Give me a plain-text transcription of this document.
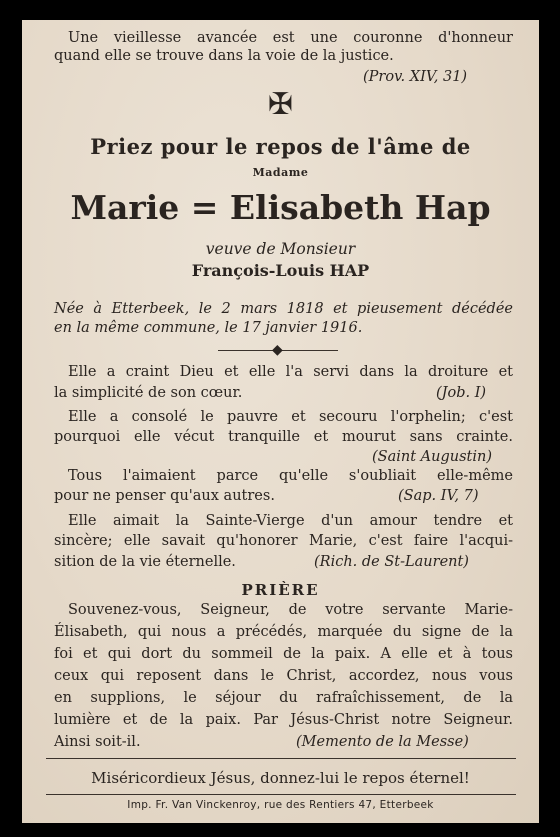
Une vieillesse avancée est une couronne d'honneur
quand elle se trouve dans la voie de la justice.
(Prov. XIV, 31)
✠
Priez pour le repos de l'âme de
Madame
Marie = Elisabeth Hap
veuve de Monsieur
François-Louis HAP
Née à Etterbeek, le 2 mars 1818 et pieusement décédée
en la même commune, le 17 janvier 1916.
◆
Elle a craint Dieu et elle l'a servi dans la droiture et
la simplicité de son cœur.	(Job. I)
Elle a consolé le pauvre et secouru l'orphelin; c'est
pourquoi elle vécut tranquille et mourut sans crainte.
(Saint Augustin)
Tous l'aimaient parce qu'elle s'oubliait elle-même
pour ne penser qu'aux autres.	(Sap. IV, 7)
Elle aimait la Sainte-Vierge d'un amour tendre et
sincère; elle savait qu'honorer Marie, c'est faire l'acqui-
sition de la vie éternelle.	(Rich. de St-Laurent)
PRIÈRE
Souvenez-vous, Seigneur, de votre servante Marie-
Élisabeth, qui nous a précédés, marquée du signe de la
foi et qui dort du sommeil de la paix. A elle et à tous
ceux qui reposent dans le Christ, accordez, nous vous
en supplions, le séjour du rafraîchissement, de la
lumière et de la paix. Par Jésus-Christ notre Seigneur.
Ainsi soit-il.	(Memento de la Messe)
Miséricordieux Jésus, donnez-lui le repos éternel!
Imp. Fr. Van Vinckenroy, rue des Rentiers 47, Etterbeek
